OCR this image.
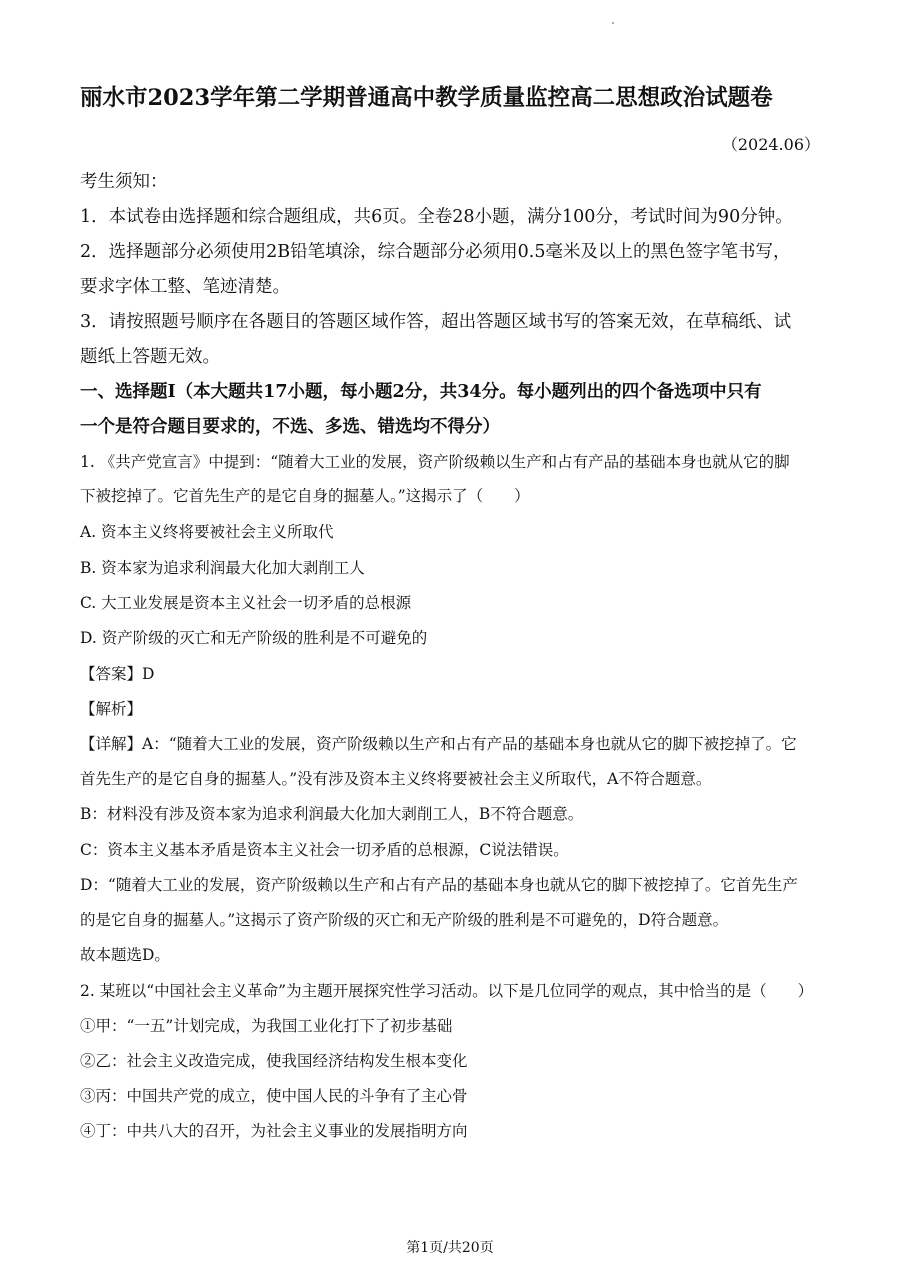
丽水市2023学年第二学期普通高中教学质量监控高二思想政治试题卷
（2024.06）
考生须知：
1．本试卷由选择题和综合题组成，共6页。全卷28小题，满分100分，考试时间为90分钟。
2．选择题部分必须使用2B铅笔填涂，综合题部分必须用0.5毫米及以上的黑色签字笔书写，
要求字体工整、笔迹清楚。
3．请按照题号顺序在各题目的答题区域作答，超出答题区域书写的答案无效，在草稿纸、试
题纸上答题无效。
一、选择题Ⅰ（本大题共17小题，每小题2分，共34分。每小题列出的四个备选项中只有
一个是符合题目要求的，不选、多选、错选均不得分）
1. 《共产党宣言》中提到：“随着大工业的发展，资产阶级赖以生产和占有产品的基础本身也就从它的脚
下被挖掉了。它首先生产的是它自身的掘墓人。”这揭示了（　　）
A. 资本主义终将要被社会主义所取代
B. 资本家为追求利润最大化加大剥削工人
C. 大工业发展是资本主义社会一切矛盾的总根源
D. 资产阶级的灭亡和无产阶级的胜利是不可避免的
【答案】D
【解析】
【详解】A：“随着大工业的发展，资产阶级赖以生产和占有产品的基础本身也就从它的脚下被挖掉了。它
首先生产的是它自身的掘墓人。”没有涉及资本主义终将要被社会主义所取代，A不符合题意。
B：材料没有涉及资本家为追求利润最大化加大剥削工人，B不符合题意。
C：资本主义基本矛盾是资本主义社会一切矛盾的总根源，C说法错误。
D：“随着大工业的发展，资产阶级赖以生产和占有产品的基础本身也就从它的脚下被挖掉了。它首先生产
的是它自身的掘墓人。”这揭示了资产阶级的灭亡和无产阶级的胜利是不可避免的，D符合题意。
故本题选D。
2. 某班以“中国社会主义革命”为主题开展探究性学习活动。以下是几位同学的观点，其中恰当的是（　　）
①甲：“一五”计划完成，为我国工业化打下了初步基础
②乙：社会主义改造完成，使我国经济结构发生根本变化
③丙：中国共产党的成立，使中国人民的斗争有了主心骨
④丁：中共八大的召开，为社会主义事业的发展指明方向
第1页/共20页
